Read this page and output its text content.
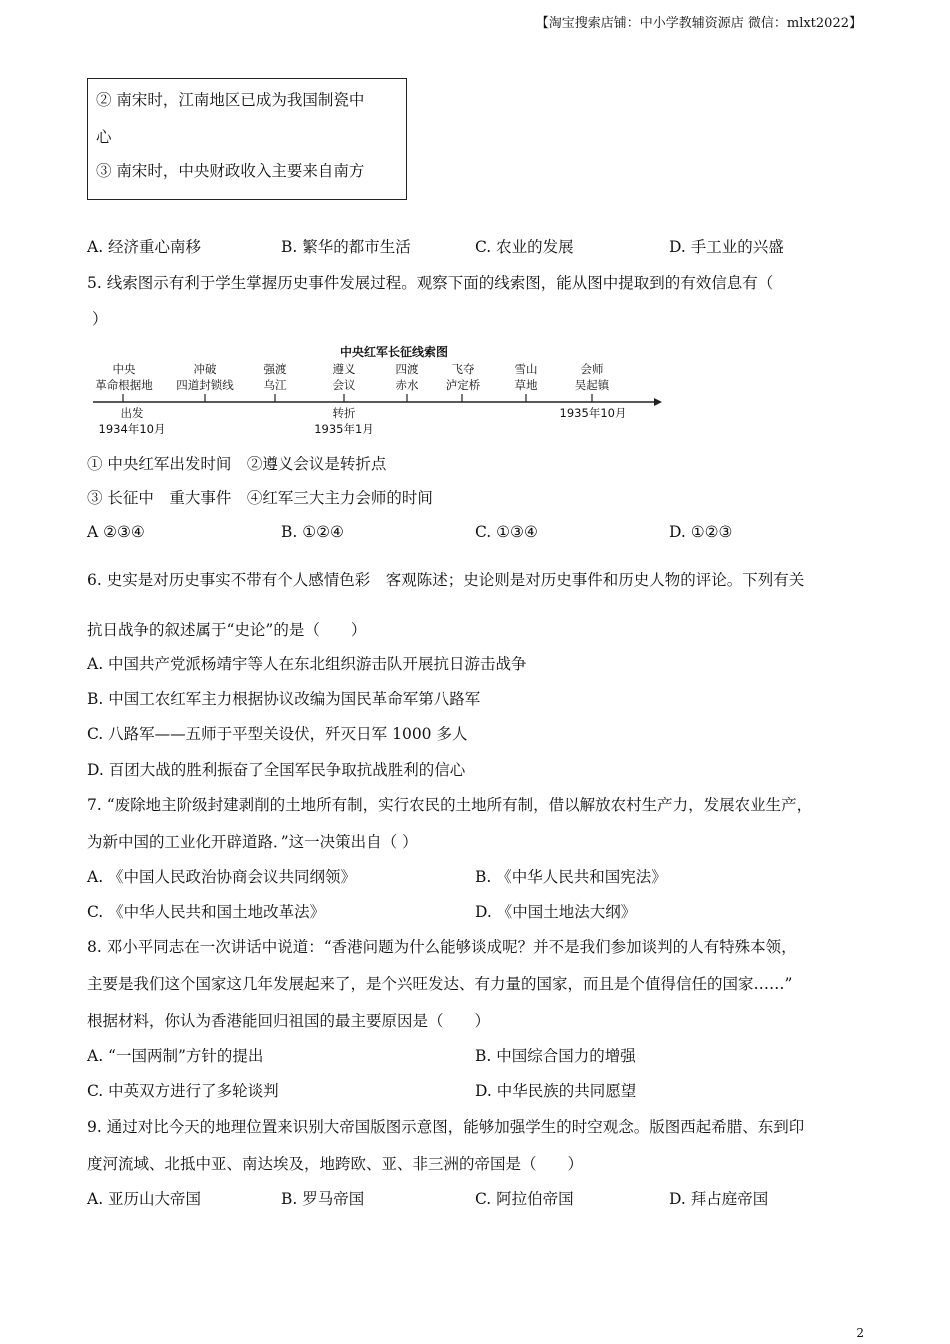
【淘宝搜索店铺：中小学教辅资源店 微信：mlxt2022】
② 南宋时，江南地区已成为我国制瓷中
心
③ 南宋时，中央财政收入主要来自南方
A. 经济重心南移	B. 繁华的都市生活	C. 农业的发展	D. 手工业的兴盛
5. 线索图示有利于学生掌握历史事件发展过程。观察下面的线索图，能从图中提取到的有效信息有（
）
中央红军长征线索图
中央
革命根据地
冲破
四道封锁线
强渡
乌江
遵义
会议
四渡
赤水
飞夺
泸定桥
雪山
草地
会师
吴起镇
出发
1934年10月
转折
1935年1月
1935年10月
① 中央红军出发时间　②遵义会议是转折点
③ 长征中　重大事件　④红军三大主力会师的时间
A ②③④	B. ①②④	C. ①③④	D. ①②③
6. 史实是对历史事实不带有个人感情色彩　客观陈述；史论则是对历史事件和历史人物的评论。下列有关
抗日战争的叙述属于“史论”的是（　　）
A. 中国共产党派杨靖宇等人在东北组织游击队开展抗日游击战争
B. 中国工农红军主力根据协议改编为国民革命军第八路军
C. 八路军——五师于平型关设伏，歼灭日军 1000 多人
D. 百团大战的胜利振奋了全国军民争取抗战胜利的信心
7. “废除地主阶级封建剥削的土地所有制，实行农民的土地所有制，借以解放农村生产力，发展农业生产，
为新中国的工业化开辟道路．”这一决策出自（ ）
A. 《中国人民政治协商会议共同纲领》	B. 《中华人民共和国宪法》
C. 《中华人民共和国土地改革法》	D. 《中国土地法大纲》
8. 邓小平同志在一次讲话中说道：“香港问题为什么能够谈成呢？并不是我们参加谈判的人有特殊本领，
主要是我们这个国家这几年发展起来了，是个兴旺发达、有力量的国家，而且是个值得信任的国家……”
根据材料，你认为香港能回归祖国的最主要原因是（　　）
A. “一国两制”方针的提出	B. 中国综合国力的增强
C. 中英双方进行了多轮谈判	D. 中华民族的共同愿望
9. 通过对比今天的地理位置来识别大帝国版图示意图，能够加强学生的时空观念。版图西起希腊、东到印
度河流域、北抵中亚、南达埃及，地跨欧、亚、非三洲的帝国是（　　）
A. 亚历山大帝国	B. 罗马帝国	C. 阿拉伯帝国	D. 拜占庭帝国
2
